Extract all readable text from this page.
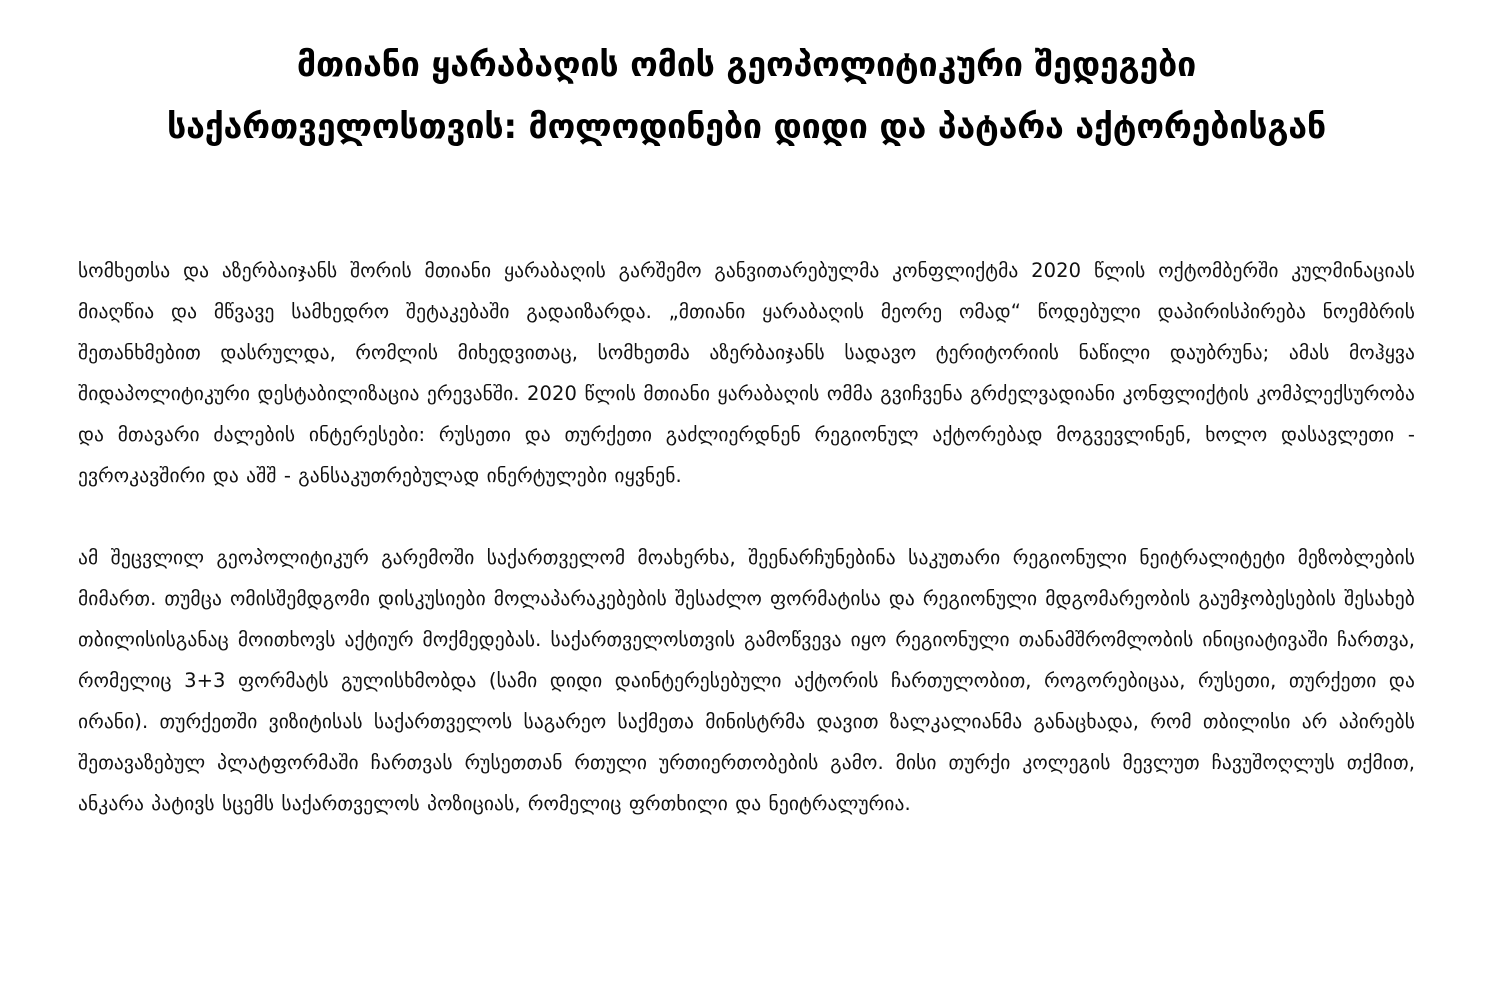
მთიანი ყარაბაღის ომის გეოპოლიტიკური შედეგები
საქართველოსთვის: მოლოდინები დიდი და პატარა აქტორებისგან

სომხეთსა და აზერბაიჯანს შორის მთიანი ყარაბაღის გარშემო განვითარებულმა კონფლიქტმა 2020 წლის ოქტომბერში კულმინაციას მიაღწია და მწვავე სამხედრო შეტაკებაში გადაიზარდა. „მთიანი ყარაბაღის მეორე ომად“ წოდებული დაპირისპირება ნოემბრის შეთანხმებით დასრულდა, რომლის მიხედვითაც, სომხეთმა აზერბაიჯანს სადავო ტერიტორიის ნაწილი დაუბრუნა; ამას მოჰყვა შიდაპოლიტიკური დესტაბილიზაცია ერევანში. 2020 წლის მთიანი ყარაბაღის ომმა გვიჩვენა გრძელვადიანი კონფლიქტის კომპლექსურობა და მთავარი ძალების ინტერესები: რუსეთი და თურქეთი გაძლიერდნენ რეგიონულ აქტორებად მოგვევლინენ, ხოლო დასავლეთი - ევროკავშირი და აშშ - განსაკუთრებულად ინერტულები იყვნენ.

ამ შეცვლილ გეოპოლიტიკურ გარემოში საქართველომ მოახერხა, შეენარჩუნებინა საკუთარი რეგიონული ნეიტრალიტეტი მეზობლების მიმართ. თუმცა ომისშემდგომი დისკუსიები მოლაპარაკებების შესაძლო ფორმატისა და რეგიონული მდგომარეობის გაუმჯობესების შესახებ თბილისისგანაც მოითხოვს აქტიურ მოქმედებას. საქართველოსთვის გამოწვევა იყო რეგიონული თანამშრომლობის ინიციატივაში ჩართვა, რომელიც 3+3 ფორმატს გულისხმობდა (სამი დიდი დაინტერესებული აქტორის ჩართულობით, როგორებიცაა, რუსეთი, თურქეთი და ირანი). თურქეთში ვიზიტისას საქართველოს საგარეო საქმეთა მინისტრმა დავით ზალკალიანმა განაცხადა, რომ თბილისი არ აპირებს შეთავაზებულ პლატფორმაში ჩართვას რუსეთთან რთული ურთიერთობების გამო. მისი თურქი კოლეგის მევლუთ ჩავუშოღლუს თქმით, ანკარა პატივს სცემს საქართველოს პოზიციას, რომელიც ფრთხილი და ნეიტრალურია.
